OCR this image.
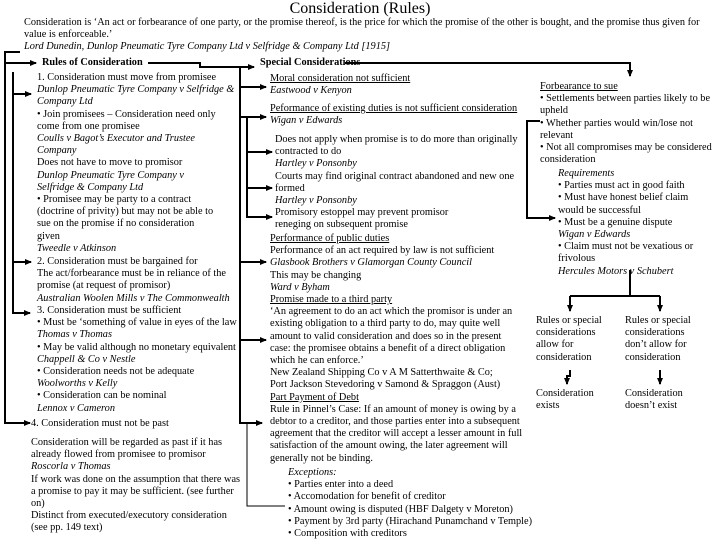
Consideration (Rules)
Consideration is ‘An act or forbearance of one party, or the promise thereof, is the price for which the promise of the other is bought, and the promise thus given for
value is enforceable.’
Lord Dunedin, Dunlop Pneumatic Tyre Company Ltd v Selfridge & Company Ltd [1915]
Rules of Consideration	Special Considerations
1. Consideration must move from promisee
Dunlop Pneumatic Tyre Company v Selfridge &
Company Ltd
• Join promisees – Consideration need only
come from one promisee
Coulls v Bagot’s Executor and Trustee
Company
Does not have to move to promisor
Dunlop Pneumatic Tyre Company v
Selfridge & Company Ltd
• Promisee may be party to a contract
(doctrine of privity) but may not be able to
sue on the promise if no consideration
given
Tweedle v Atkinson
2. Consideration must be bargained for
The act/forbearance must be in reliance of the
promise (at request of promisor)
Australian Woolen Mills v The Commonwealth
3. Consideration must be sufficient
• Must be ‘something of value in eyes of the law
Thomas v Thomas
• May be valid although no monetary equivalent
Chappell & Co v Nestle
• Consideration needs not be adequate
Woolworths v Kelly
• Consideration can be nominal
Lennox v Cameron
4. Consideration must not be past
Consideration will be regarded as past if it has
already flowed from promisee to promisor
Roscorla v Thomas
If work was done on the assumption that there was
a promise to pay it may be sufficient. (see further
on)
Distinct from executed/executory consideration
(see pp. 149 text)
Moral consideration not sufficient
Eastwood v Kenyon
Peformance of existing duties is not sufficient consideration
Wigan v Edwards
Does not apply when promise is to do more than originally
contracted to do
Hartley v Ponsonby
Courts may find original contract abandoned and new one
formed
Hartley v Ponsonby
Promisory estoppel may prevent promisor
reneging on subsequent promise
Performance of public duties
Performance of an act required by law is not sufficient
Glasbook Brothers v Glamorgan County Council
This may be changing
Ward v Byham
Promise made to a third party
‘An agreement to do an act which the promisor is under an
existing obligation to a third party to do, may quite well
amount to valid consideration and does so in the present
case: the promisee obtains a benefit of a direct obligation
which he can enforce.’
New Zealand Shipping Co v A M Satterthwaite & Co;
Port Jackson Stevedoring v Samond & Spraggon (Aust)
Part Payment of Debt
Rule in Pinnel’s Case: If an amount of money is owing by a
debtor to a creditor, and those parties enter into a subsequent
agreement that the creditor will accept a lesser amount in full
satisfaction of the amount owing, the later agreement will
generally not be binding.
Exceptions:
• Parties enter into a deed
• Accomodation for benefit of creditor
• Amount owing is disputed (HBF Dalgety v Moreton)
• Payment by 3rd party (Hirachand Punamchand v Temple)
• Composition with creditors
Forbearance to sue
• Settlements between parties likely to be
upheld
• Whether parties would win/lose not
relevant
• Not all compromises may be considered
consideration
Requirements
• Parties must act in good faith
• Must have honest belief claim
would be successful
• Must be a genuine dispute
Wigan v Edwards
• Claim must not be vexatious or
frivolous
Hercules Motors v Schubert
Rules or special
considerations
allow for
consideration
Rules or special
considerations
don’t allow for
consideration
Consideration
exists
Consideration
doesn’t exist
